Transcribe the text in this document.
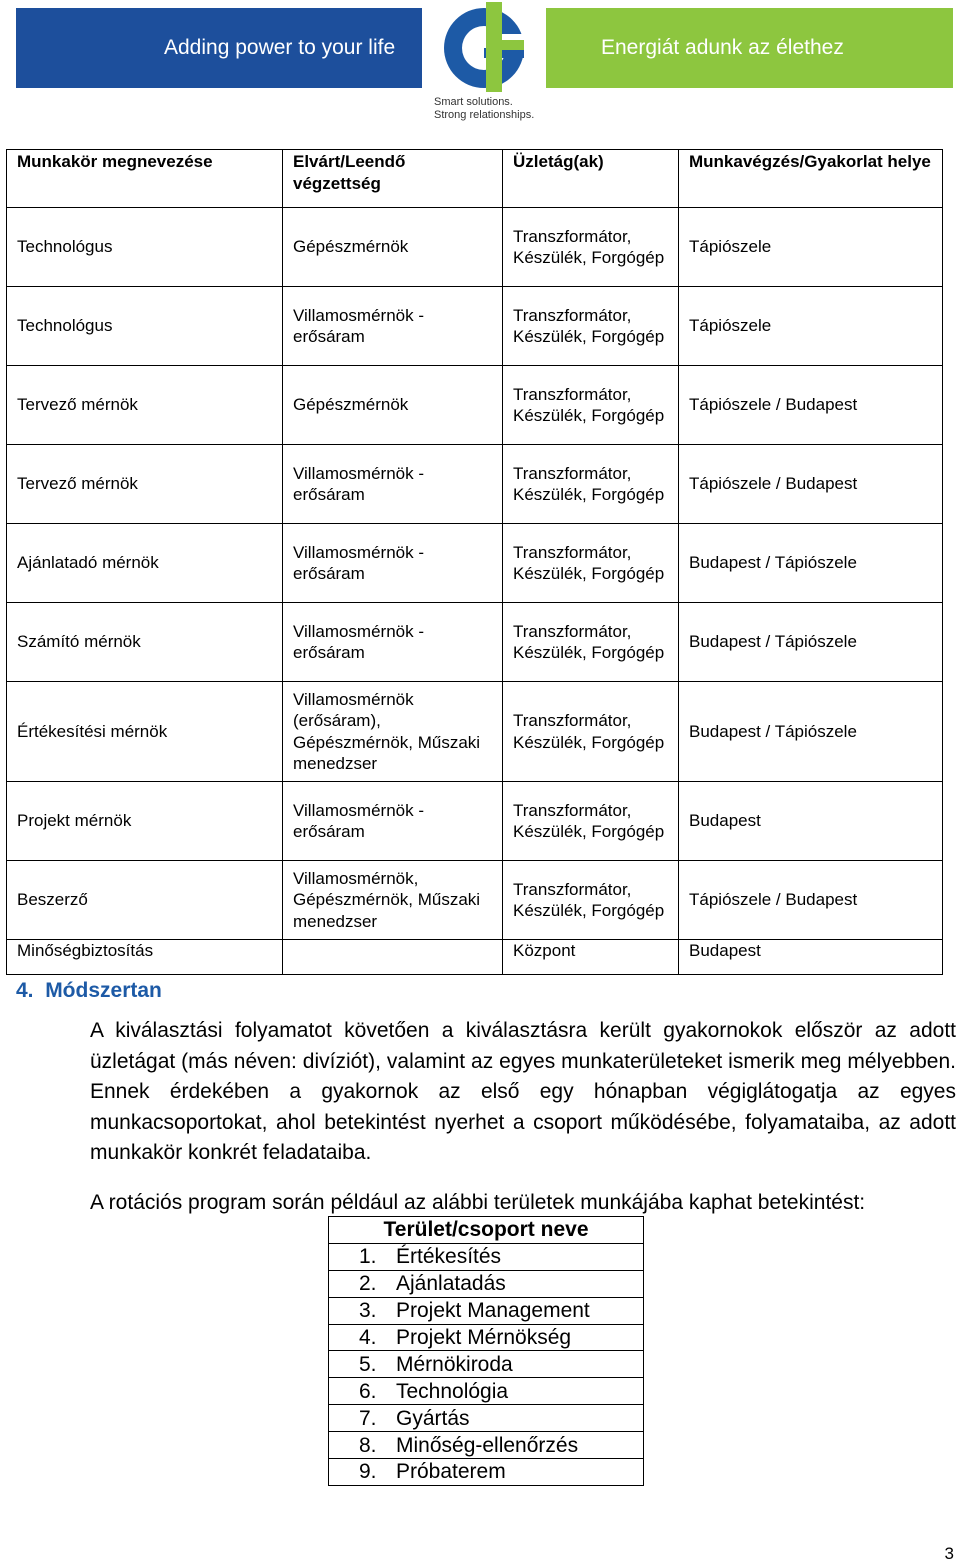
Adding power to your life
Smart solutions.
Strong relationships.
Energiát adunk az élethez
Munkakör megnevezése	Elvárt/Leendő végzettség	Üzletág(ak)	Munkavégzés/Gyakorlat helye
Technológus	Gépészmérnök	Transzformátor, Készülék, Forgógép	Tápiószele
Technológus	Villamosmérnök - erősáram	Transzformátor, Készülék, Forgógép	Tápiószele
Tervező mérnök	Gépészmérnök	Transzformátor, Készülék, Forgógép	Tápiószele / Budapest
Tervező mérnök	Villamosmérnök - erősáram	Transzformátor, Készülék, Forgógép	Tápiószele / Budapest
Ajánlatadó mérnök	Villamosmérnök - erősáram	Transzformátor, Készülék, Forgógép	Budapest / Tápiószele
Számító mérnök	Villamosmérnök - erősáram	Transzformátor, Készülék, Forgógép	Budapest / Tápiószele
Értékesítési mérnök	Villamosmérnök (erősáram), Gépészmérnök, Műszaki menedzser	Transzformátor, Készülék, Forgógép	Budapest / Tápiószele
Projekt mérnök	Villamosmérnök - erősáram	Transzformátor, Készülék, Forgógép	Budapest
Beszerző	Villamosmérnök, Gépészmérnök, Műszaki menedzser	Transzformátor, Készülék, Forgógép	Tápiószele / Budapest
Minőségbiztosítás		Központ	Budapest
4. Módszertan

A kiválasztási folyamatot követően a kiválasztásra került gyakornokok először az adott üzletágat (más néven: divíziót), valamint az egyes munkaterületeket ismerik meg mélyebben. Ennek érdekében a gyakornok az első egy hónapban végiglátogatja az egyes munkacsoportokat, ahol betekintést nyerhet a csoport működésébe, folyamataiba, az adott munkakör konkrét feladataiba.

A rotációs program során például az alábbi területek munkájába kaphat betekintést:

Terület/csoport neve
1. Értékesítés
2. Ajánlatadás
3. Projekt Management
4. Projekt Mérnökség
5. Mérnökiroda
6. Technológia
7. Gyártás
8. Minőség-ellenőrzés
9. Próbaterem
3
